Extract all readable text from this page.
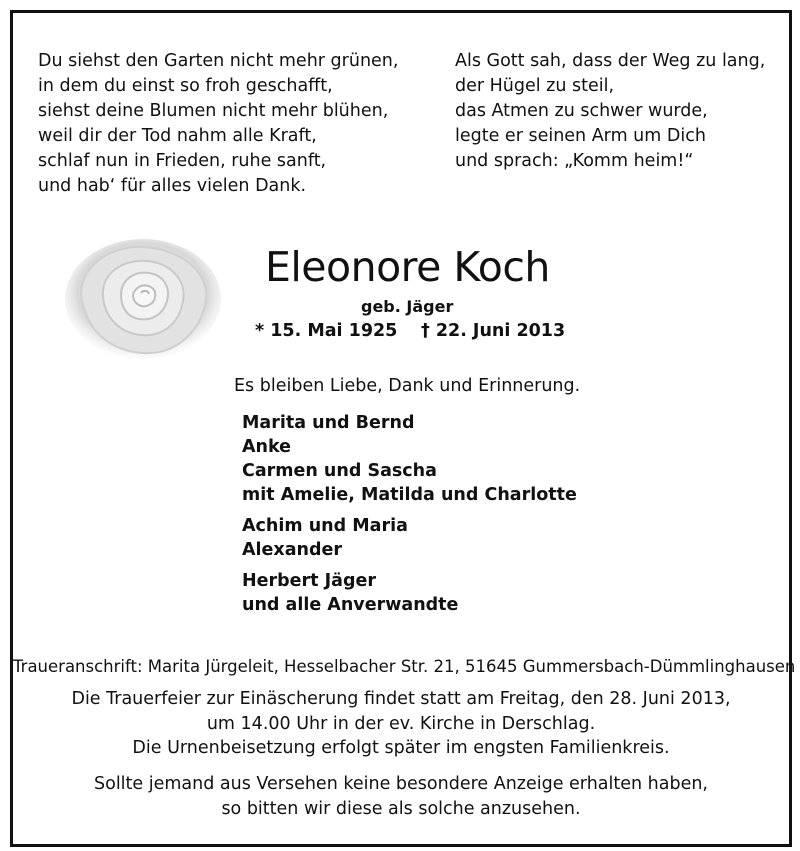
Du siehst den Garten nicht mehr grünen,
in dem du einst so froh geschafft,
siehst deine Blumen nicht mehr blühen,
weil dir der Tod nahm alle Kraft,
schlaf nun in Frieden, ruhe sanft,
und hab‘ für alles vielen Dank.
Als Gott sah, dass der Weg zu lang,
der Hügel zu steil,
das Atmen zu schwer wurde,
legte er seinen Arm um Dich
und sprach: „Komm heim!“
Eleonore Koch
geb. Jäger
* 15. Mai 1925 † 22. Juni 2013
Es bleiben Liebe, Dank und Erinnerung.
Marita und Bernd
Anke
Carmen und Sascha
mit Amelie, Matilda und Charlotte
Achim und Maria
Alexander
Herbert Jäger
und alle Anverwandte
Traueranschrift: Marita Jürgeleit, Hesselbacher Str. 21, 51645 Gummersbach-Dümmlinghausen
Die Trauerfeier zur Einäscherung findet statt am Freitag, den 28. Juni 2013,
um 14.00 Uhr in der ev. Kirche in Derschlag.
Die Urnenbeisetzung erfolgt später im engsten Familienkreis.
Sollte jemand aus Versehen keine besondere Anzeige erhalten haben,
so bitten wir diese als solche anzusehen.
